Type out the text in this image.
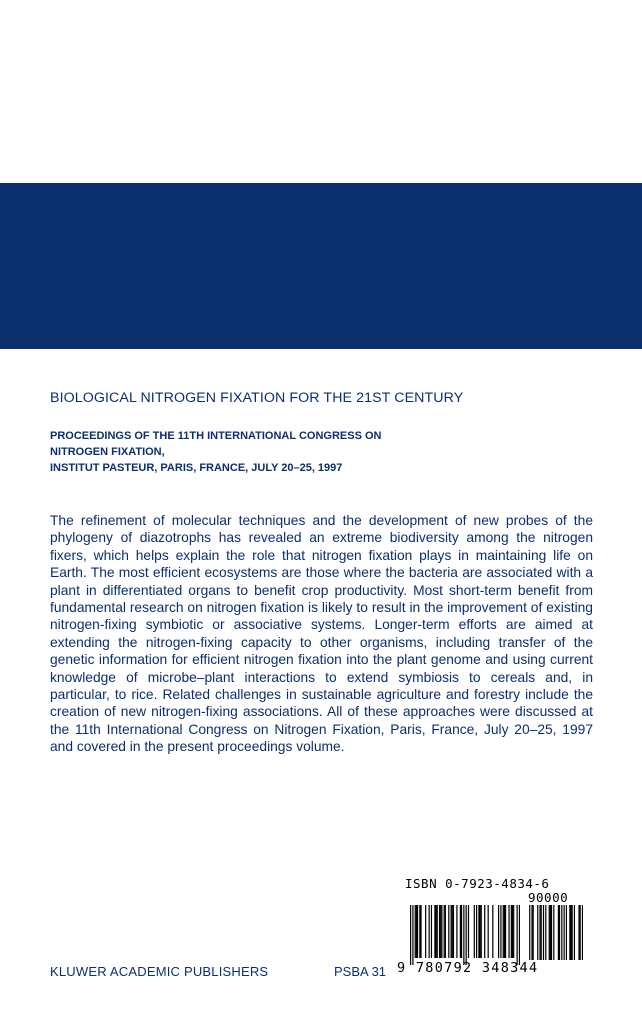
BIOLOGICAL NITROGEN FIXATION FOR THE 21ST CENTURY
PROCEEDINGS OF THE 11TH INTERNATIONAL CONGRESS ON
NITROGEN FIXATION,
INSTITUT PASTEUR, PARIS, FRANCE, JULY 20–25, 1997

The refinement of molecular techniques and the development of new probes of the phylogeny of diazotrophs has revealed an extreme biodiversity among the nitrogen fixers, which helps explain the role that nitrogen fixation plays in maintaining life on Earth. The most efficient ecosystems are those where the bacteria are associated with a plant in differentiated organs to benefit crop productivity. Most short-term benefit from fundamental research on nitrogen fixation is likely to result in the improvement of existing nitrogen-fixing symbiotic or associative systems. Longer-term efforts are aimed at extending the nitrogen-fixing capacity to other organisms, including transfer of the genetic information for efficient nitrogen fixation into the plant genome and using current knowledge of microbe–plant interactions to extend symbiosis to cereals and, in particular, to rice. Related challenges in sustainable agriculture and forestry include the creation of new nitrogen-fixing associations. All of these approaches were discussed at the 11th International Congress on Nitrogen Fixation, Paris, France, July 20–25, 1997 and covered in the present proceedings volume.

ISBN 0-7923-4834-6
90000
9 780792 348344
KLUWER ACADEMIC PUBLISHERS	PSBA 31
